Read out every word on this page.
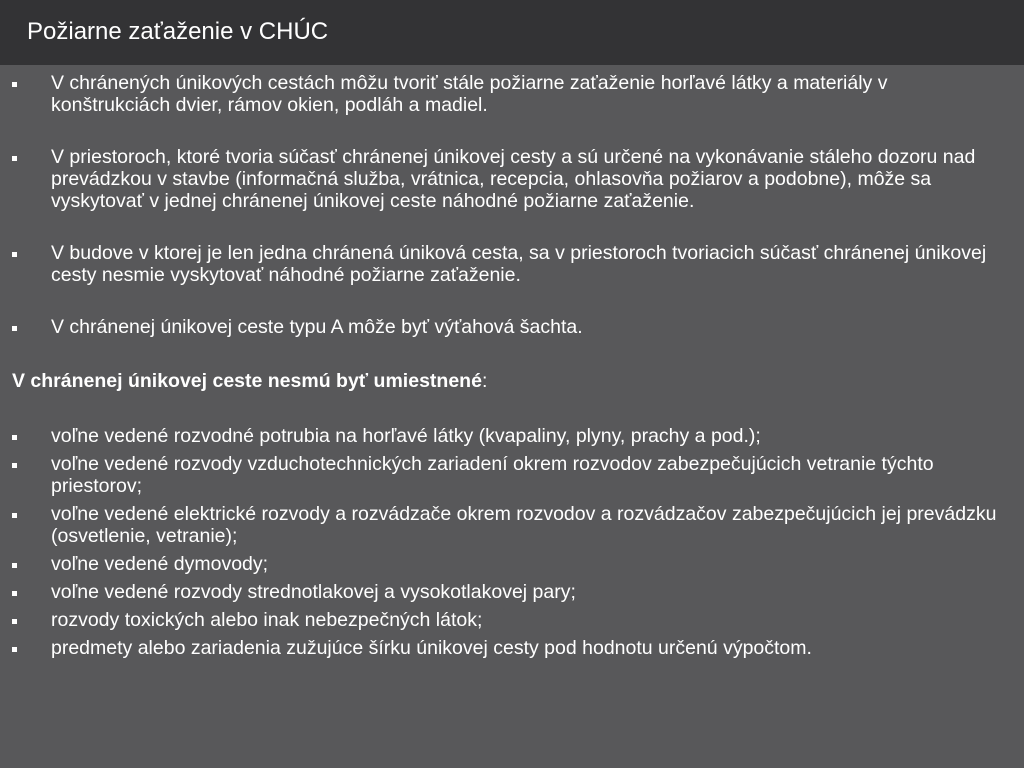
Požiarne zaťaženie v CHÚC
V chránených únikových cestách môžu tvoriť stále požiarne zaťaženie horľavé látky a materiály v konštrukciách dvier, rámov okien, podláh a madiel.
V priestoroch, ktoré tvoria súčasť chránenej únikovej cesty a sú určené na vykonávanie stáleho dozoru nad prevádzkou v stavbe (informačná služba, vrátnica, recepcia, ohlasovňa požiarov a podobne), môže sa vyskytovať v jednej chránenej únikovej ceste náhodné požiarne zaťaženie.
V budove v ktorej je len jedna chránená úniková cesta, sa v priestoroch tvoriacich súčasť chránenej únikovej cesty nesmie vyskytovať náhodné požiarne zaťaženie.
V chránenej únikovej ceste typu A môže byť výťahová šachta.
V chránenej únikovej ceste nesmú byť umiestnené:
voľne vedené rozvodné potrubia na horľavé látky (kvapaliny, plyny, prachy a pod.);
voľne vedené rozvody vzduchotechnických zariadení okrem rozvodov zabezpečujúcich vetranie týchto priestorov;
voľne vedené elektrické rozvody a rozvádzače okrem rozvodov a rozvádzačov zabezpečujúcich jej prevádzku (osvetlenie, vetranie);
voľne vedené dymovody;
voľne vedené rozvody strednotlakovej a vysokotlakovej pary;
rozvody toxických alebo inak nebezpečných látok;
predmety alebo zariadenia zužujúce šírku únikovej cesty pod hodnotu určenú výpočtom.
